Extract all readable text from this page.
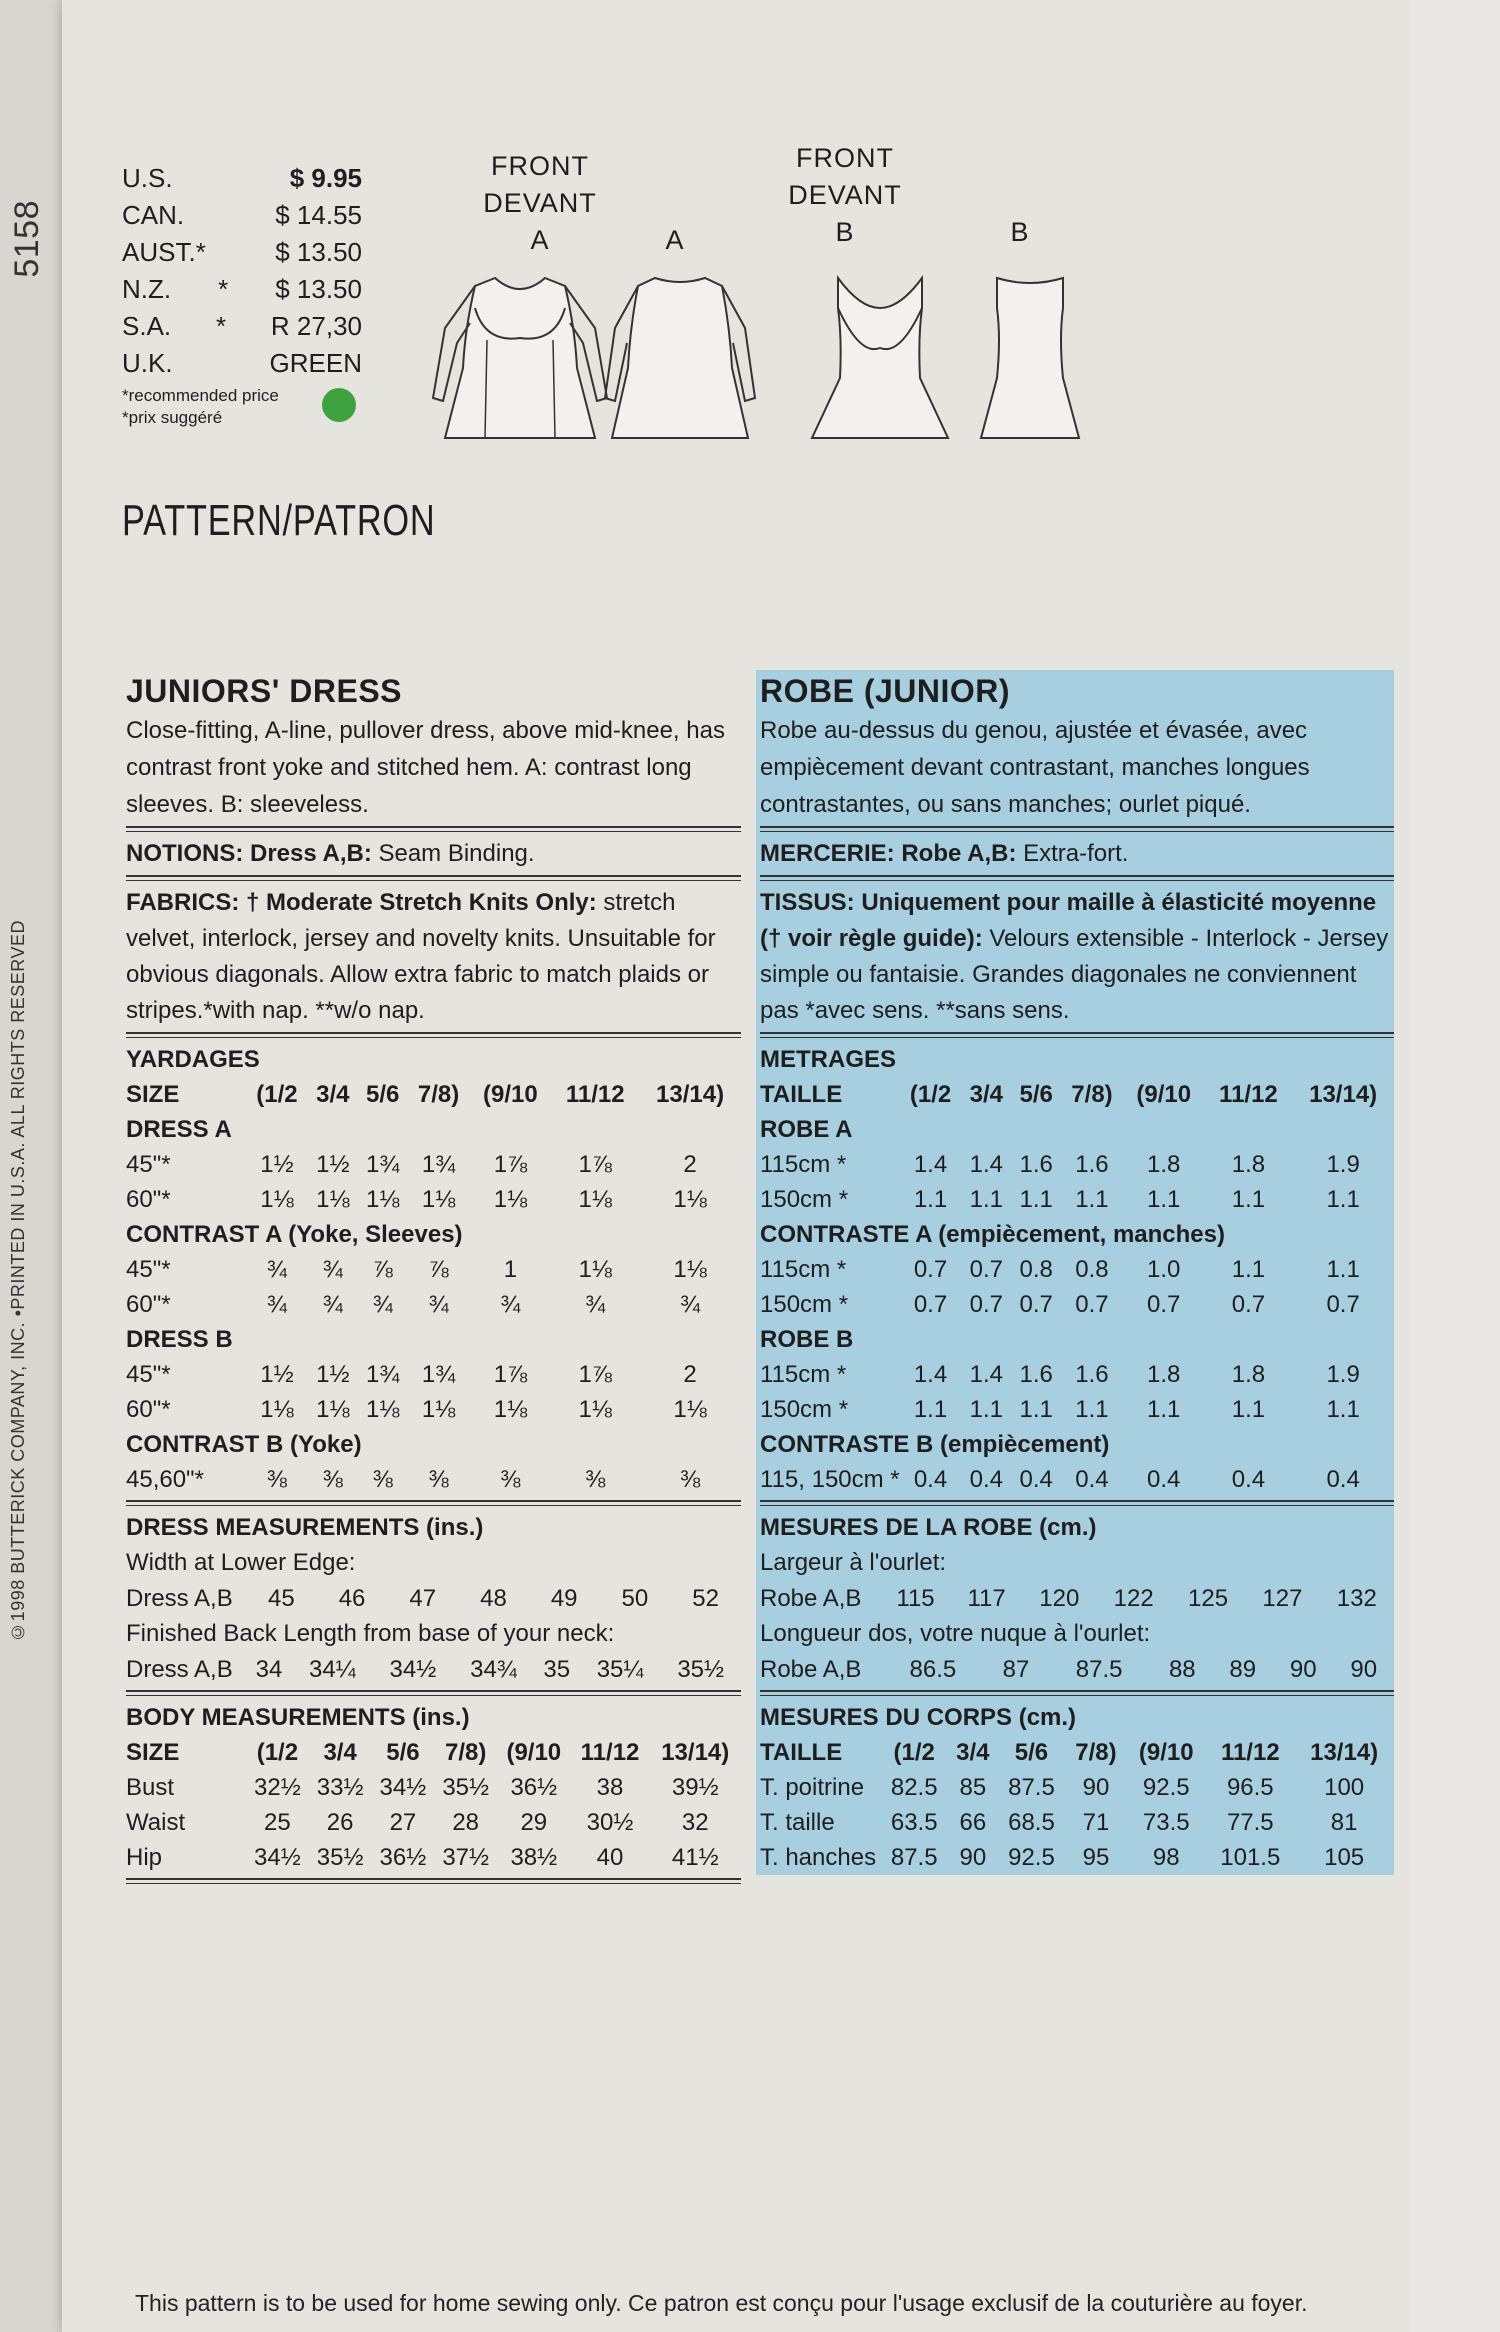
©1998 BUTTERICK COMPANY, INC. •PRINTED IN U.S.A. ALL RIGHTS RESERVED
5158
U.S.	$ 9.95
CAN.	$ 14.55
AUST.*	$ 13.50
N.Z. * $ 13.50
S.A. * R 27,30
U.K.	GREEN
*recommended price
*prix suggéré
FRONT
DEVANT
A	A
FRONT
DEVANT
B	B
PATTERN/PATRON
JUNIORS' DRESS

Close-fitting, A-line, pullover dress, above mid-knee, has contrast front yoke and stitched hem. A: contrast long sleeves. B: sleeveless.

NOTIONS: Dress A,B: Seam Binding.
FABRICS: † Moderate Stretch Knits Only: stretch velvet, interlock, jersey and novelty knits. Unsuitable for obvious diagonals. Allow extra fabric to match plaids or stripes.*with nap. **w/o nap.
YARDAGES
SIZE	(1/2	3/4	5/6	7/8)	(9/10	11/12	13/14)
DRESS A							
45"*	1½	1½	1¾	1¾	1⅞	1⅞	2
60"*	1⅛	1⅛	1⅛	1⅛	1⅛	1⅛	1⅛
CONTRAST A (Yoke, Sleeves)							
45"*	¾	¾	⅞	⅞	1	1⅛	1⅛
60"*	¾	¾	¾	¾	¾	¾	¾
DRESS B							
45"*	1½	1½	1¾	1¾	1⅞	1⅞	2
60"*	1⅛	1⅛	1⅛	1⅛	1⅛	1⅛	1⅛
CONTRAST B (Yoke)							
45,60"*	⅜	⅜	⅜	⅜	⅜	⅜	⅜
DRESS MEASUREMENTS (ins.)
Width at Lower Edge:
Dress A,B	45	46	47	48	49	50	52
Finished Back Length from base of your neck:
Dress A,B	34	34¼	34½	34¾	35	35¼	35½
BODY MEASUREMENTS (ins.)
SIZE	(1/2	3/4	5/6	7/8)	(9/10	11/12	13/14)
Bust	32½	33½	34½	35½	36½	38	39½
Waist	25	26	27	28	29	30½	32
Hip	34½	35½	36½	37½	38½	40	41½
ROBE (JUNIOR)

Robe au-dessus du genou, ajustée et évasée, avec empiècement devant contrastant, manches longues contrastantes, ou sans manches; ourlet piqué.

MERCERIE: Robe A,B: Extra-fort.
TISSUS: Uniquement pour maille à élasticité moyenne († voir règle guide): Velours extensible - Interlock - Jersey simple ou fantaisie. Grandes diagonales ne conviennent pas *avec sens. **sans sens.
METRAGES
TAILLE	(1/2	3/4	5/6	7/8)	(9/10	11/12	13/14)
ROBE A							
115cm *	1.4	1.4	1.6	1.6	1.8	1.8	1.9
150cm *	1.1	1.1	1.1	1.1	1.1	1.1	1.1
CONTRASTE A (empiècement, manches)							
115cm *	0.7	0.7	0.8	0.8	1.0	1.1	1.1
150cm *	0.7	0.7	0.7	0.7	0.7	0.7	0.7
ROBE B							
115cm *	1.4	1.4	1.6	1.6	1.8	1.8	1.9
150cm *	1.1	1.1	1.1	1.1	1.1	1.1	1.1
CONTRASTE B (empiècement)							
115, 150cm *	0.4	0.4	0.4	0.4	0.4	0.4	0.4
MESURES DE LA ROBE (cm.)
Largeur à l'ourlet:
Robe A,B	115	117	120	122	125	127	132
Longueur dos, votre nuque à l'ourlet:
Robe A,B	86.5	87	87.5	88	89	90	90
MESURES DU CORPS (cm.)
TAILLE	(1/2	3/4	5/6	7/8)	(9/10	11/12	13/14)
T. poitrine	82.5	85	87.5	90	92.5	96.5	100
T. taille	63.5	66	68.5	71	73.5	77.5	81
T. hanches	87.5	90	92.5	95	98	101.5	105
This pattern is to be used for home sewing only. Ce patron est conçu pour l'usage exclusif de la couturière au foyer.
